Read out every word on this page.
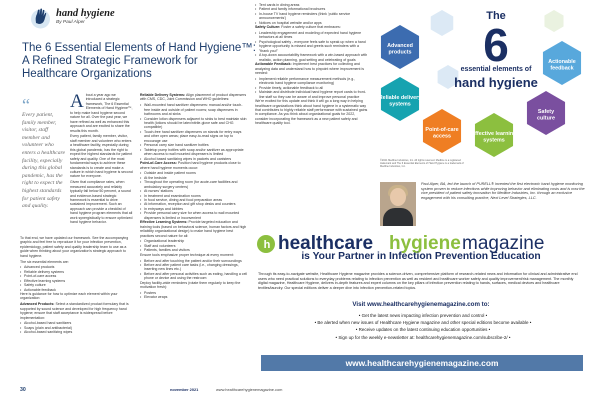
hand hygiene
By Paul Alper
The 6 Essential Elements of Hand Hygiene™:
A Refined Strategic Framework for
Healthcare Organizations
“
Every patient, family member, visitor, staff member and volunteer who enters a healthcare facility, especially during this global pandemic, has the right to expect the highest standards for patient safety and quality.

About a year ago we introduced a strategic framework, The 6 Essential Elements of Hand Hygiene™, to help make hand hygiene second nature for all. Over the past year, we have refined as well as enhanced this approach and are excited to share the results this month.

Every patient, family member, visitor, staff member and volunteer who enters a healthcare facility, especially during this global pandemic, has the right to expect the highest standards for patient safety and quality. One of the most fundamental ways to achieve these standards is to create and make a culture in which hand hygiene is second nature for everyone.

Given that compliance rates, when measured accurately and reliably typically fall below 50 percent, a sound and evidence-based strategic framework is essential to drive sustained improvement. Such an approach can provide a checklist of hand hygiene program elements that all work synergistically to ensure optimized hand hygiene behavior.

To that end, we have updated our framework. See the accompanying graphic and feel free to reproduce it for your infection prevention, epidemiology, patient safety and quality leadership team to use as a guide when thinking about your organization's strategic approach to hand hygiene.

The six essential elements are:

• Advanced products
• Reliable delivery systems
• Point-of-care access
• Effective learning systems
• Safety culture
• Actionable feedback

Here is guidance for how to optimize each element within your organization:

Advanced Products: Select a standardized product formulary that is supported by sound science and developed for high frequency hand hygiene; ensure that staff acceptance is widespread before implementation:

• Alcohol-based hand sanitizers
• Soaps (plain and antibacterial)
• Alcohol-based sanitizing wipes

Reliable Delivery Systems: Align placement of product dispensers with CMS, CDC, Joint Commission and WHO guidelines:

• Wall-mounted hand sanitizer dispensers: manual and/or touch-free inside and outside of patient rooms; soap dispensers in bathrooms and at sinks
• Consider lotion dispensers adjacent to sinks to best maintain skin health (lotions should be latex/nitrile-glove safe and CHG compatible)
• Touch-free hand sanitizer dispensers on stands for entry ways and other open areas; place easy-to-read signs on top to encourage use
• Personal carry size hand sanitizer bottles
• Tabletop pump bottles with soap and/or sanitizer as appropriate when access to wall mounted dispensers is limited
• Alcohol based sanitizing wipes in packets and canisters

Point-of-Care Access: Position hand hygiene products close to where hand hygiene moments occur:

• Outside and inside patient rooms
• At the bedside
• Throughout the operating room (for acute-care facilities and ambulatory surgery centers)
• At nurses' stations
• In treatment and examination rooms
• In food service, dining and food preparation areas
• At information, reception and gift shop desks and counters
• In entryways and lobbies
• Provide personal carry size for when access to wall mounted dispensers is limited or inconvenient

Effective Learning Systems: Provide targeted education and training tools (based on behavioral science, human factors and high reliability organizational design) to make hand hygiene best practices second nature for all:

• Organizational leadership
• Staff and volunteers
• Patients, families and visitors

Ensure tools emphasize proper technique at every moment:

• Before and after touching the patient and/or their surroundings
• Before and after patient care tasks (i.e., changing dressings, inserting new lines etc.)
• Before and after personal activities such as eating, handling a cell phone or device and using the restroom

Deploy facility-wide reminders (rotate them regularly to keep the motivation fresh):

• Posters
• Elevator wraps
• Tent cards in dining areas
• Patient and family informational brochures
• In-house TV hand hygiene reminders (think 'public service announcements')
• Notices on hospital website and/or apps

Safety Culture: Foster a safety culture that embraces:

• Leadership engagement and modeling of expected hand hygiene behaviors at all times
• Psychological safety - everyone feels safe to speak up when a hand hygiene opportunity is missed and greets such reminders with a "thank you!"
• A top-down accountability framework with a win-based approach with realistic, action planning, goal setting and celebrating of goals

Actionable Feedback: Implement best practices for collecting and analyzing data and understand how to pinpoint where improvement is needed:

• Implement reliable performance measurement methods (e.g., electronic hand hygiene compliance monitoring)
• Provide timely, actionable feedback to all
• Maintain and distribute individual hand hygiene report cards to front-line staff so they can be aware of and improve personal practice

We're excited for this update and think it will go a long way in helping healthcare organizations think about hand hygiene in a systematic way that contributes to highly reliable staff performance with sustained gains in compliance. As you think about organizational goals for 2022, consider incorporating the framework as a new patient safety and healthcare quality tool.

Advanced
products
Reliable delivery
systems
Point-of-care
access	Effective learning
systems
Safety
culture
Actionable
feedback
The
6
essential elements of
hand hygiene
©2021 Medline Industries, Inc. All rights reserved. Medline is a registered trademark and The 6 Essential Elements of Hand Hygiene is a trademark of Medline Industries, Inc.
Paul Alper, BA, led the launch of PURELL® invented the first electronic hand hygiene monitoring system proven to reduce infections while improving behavior and eliminating costs and is now the vice president of patient safety innovation for Medline Industries, Inc. through an exclusive engagement with his consulting practice, Next Level Strategies, LLC.
h healthcare hygiene magazine
is Your Partner in Infection Prevention Education
Through its easy-to-navigate website, Healthcare Hygiene magazine provides a science-driven, comprehensive platform of research-related news and information for clinical and administrative end users who need practical solutions to everyday problems relating to infection prevention as well as resident and healthcare worker safety and quality improvement/risk management. The monthly digital magazine, Healthcare Hygiene, delivers in-depth features and expert columns on the key pillars of infection prevention relating to hands, surfaces, medical devices and healthcare textiles/laundry. Our special editions deliver a deeper dive into infection prevention-related topics.
Visit www.healthcarehygienemagazine.com to:
• Get the latest news impacting infection prevention and control •
• Be alerted when new issues of Healthcare Hygiene magazine and other special editions become available •
• Receive updates on the latest continuing education opportunities •
• Sign up for the weekly e-newsletter at: healthcarehygienemagazine.com/subscribe-2/ •
www.healthcarehygienemagazine.com
30	november 2021	www.healthcarehygienemagazine.com
